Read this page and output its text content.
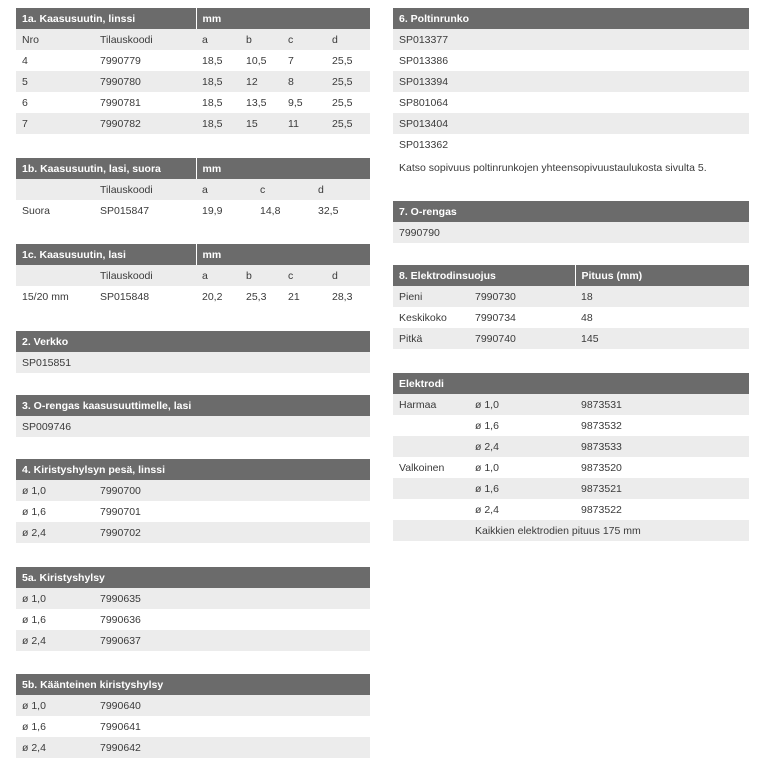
1a. Kaasusuutin, linssi		mm			
Nro	Tilauskoodi	a	b	c	d
4	7990779	18,5	10,5	7	25,5
5	7990780	18,5	12	8	25,5
6	7990781	18,5	13,5	9,5	25,5
7	7990782	18,5	15	11	25,5
1b. Kaasusuutin, lasi, suora		mm		
	Tilauskoodi	a	c	d
Suora	SP015847	19,9	14,8	32,5
1c. Kaasusuutin, lasi		mm			
	Tilauskoodi	a	b	c	d
15/20 mm	SP015848	20,2	25,3	21	28,3
2. Verkko
SP015851
3. O-rengas kaasusuuttimelle, lasi
SP009746
4. Kiristyshylsyn pesä, linssi	
ø 1,0	7990700
ø 1,6	7990701
ø 2,4	7990702
5a. Kiristyshylsy	
ø 1,0	7990635
ø 1,6	7990636
ø 2,4	7990637
5b. Käänteinen kiristyshylsy	
ø 1,0	7990640
ø 1,6	7990641
ø 2,4	7990642
6. Poltinrunko
SP013377
SP013386
SP013394
SP801064
SP013404
SP013362
Katso sopivuus poltinrunkojen yhteensopivuustaulukosta sivulta 5.
7. O-rengas
7990790
8. Elektrodinsuojus		Pituus (mm)
Pieni	7990730	18
Keskikoko	7990734	48
Pitkä	7990740	145
Elektrodi		
Harmaa	ø 1,0	9873531
	ø 1,6	9873532
	ø 2,4	9873533
Valkoinen	ø 1,0	9873520
	ø 1,6	9873521
	ø 2,4	9873522
	Kaikkien elektrodien pituus 175 mm	
